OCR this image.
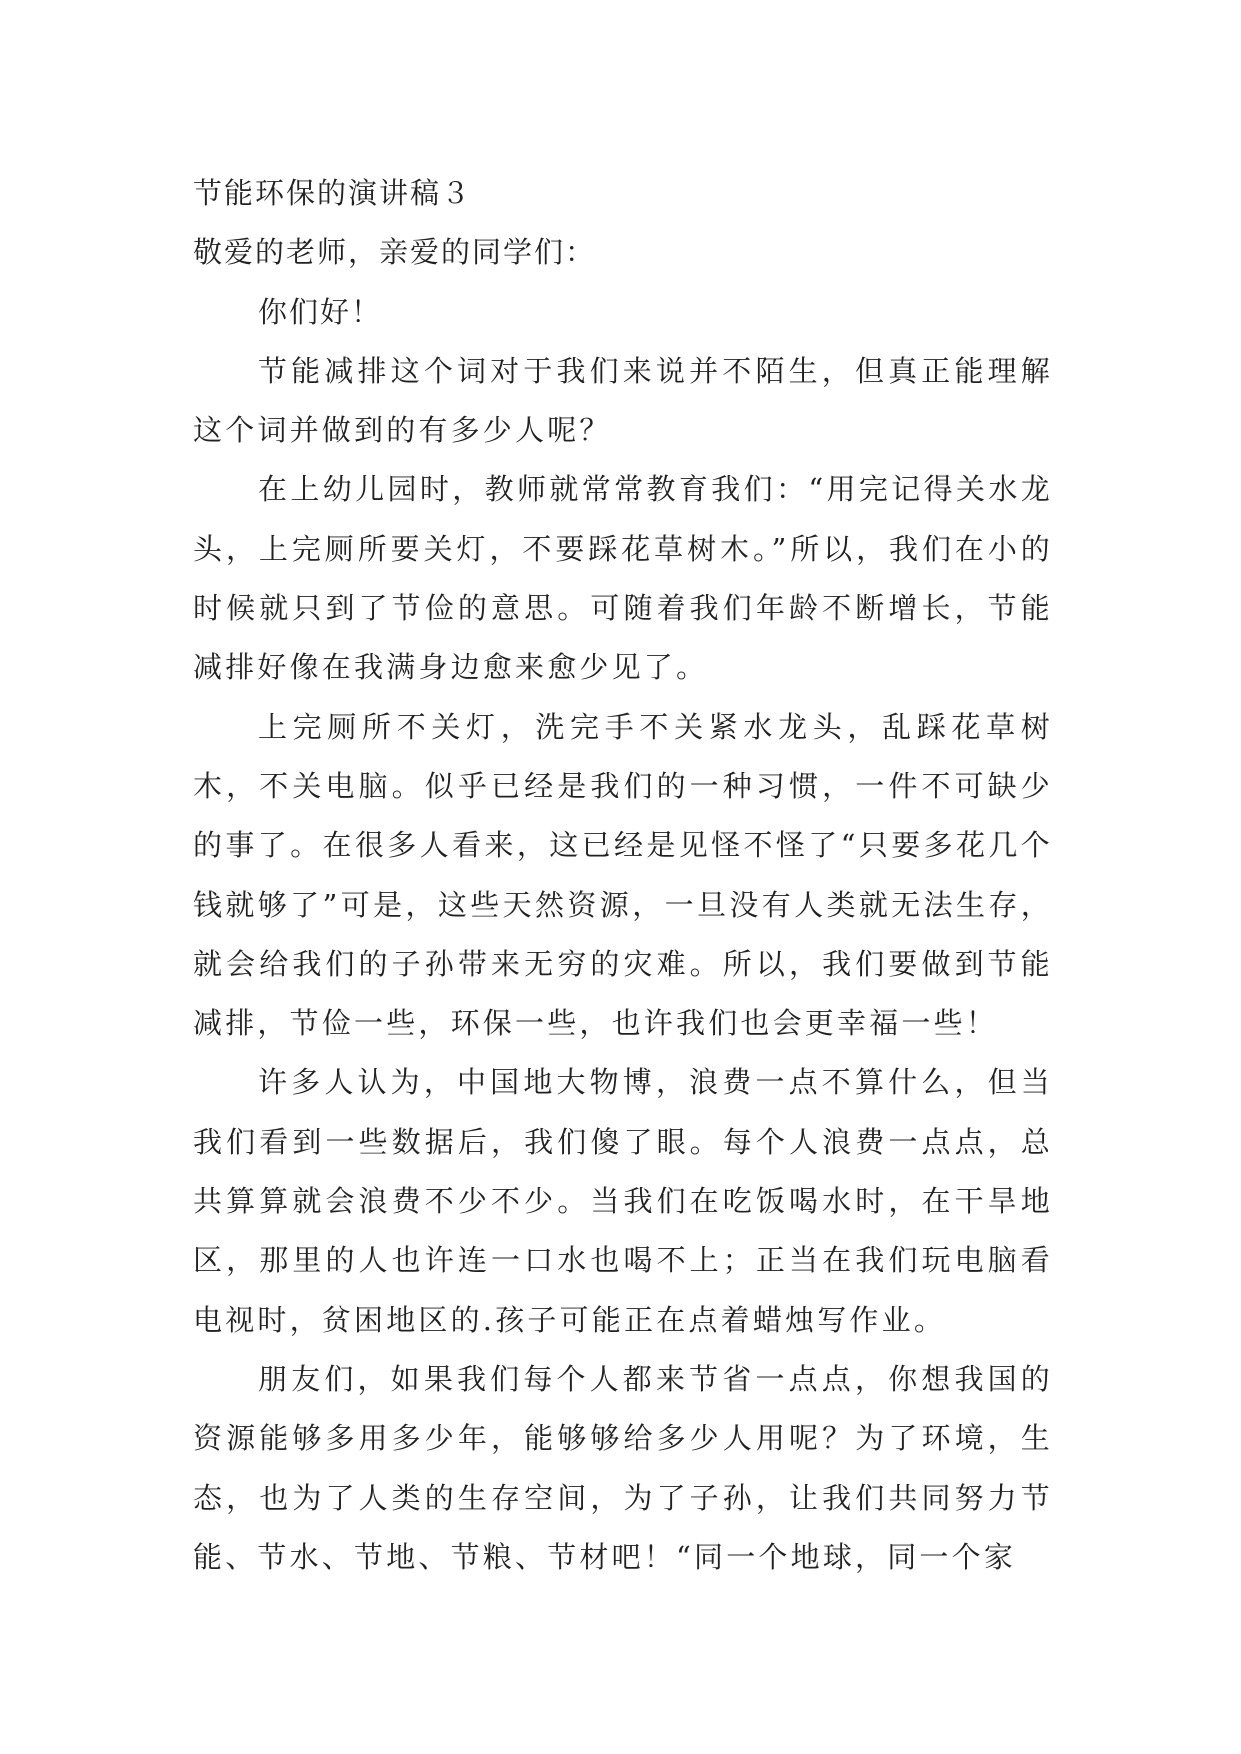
节能环保的演讲稿３

敬爱的老师，亲爱的同学们：

你们好！

节能减排这个词对于我们来说并不陌生，但真正能理解这个词并做到的有多少人呢？

在上幼儿园时，教师就常常教育我们：“用完记得关水龙头，上完厕所要关灯，不要踩花草树木。”所以，我们在小的时候就只到了节俭的意思。可随着我们年龄不断增长，节能减排好像在我满身边愈来愈少见了。

上完厕所不关灯，洗完手不关紧水龙头，乱踩花草树木，不关电脑。似乎已经是我们的一种习惯，一件不可缺少的事了。在很多人看来，这已经是见怪不怪了“只要多花几个钱就够了”可是，这些天然资源，一旦没有人类就无法生存，就会给我们的子孙带来无穷的灾难。所以，我们要做到节能减排，节俭一些，环保一些，也许我们也会更幸福一些！

许多人认为，中国地大物博，浪费一点不算什么，但当我们看到一些数据后，我们傻了眼。每个人浪费一点点，总共算算就会浪费不少不少。当我们在吃饭喝水时，在干旱地区，那里的人也许连一口水也喝不上；正当在我们玩电脑看电视时，贫困地区的.孩子可能正在点着蜡烛写作业。

朋友们，如果我们每个人都来节省一点点，你想我国的资源能够多用多少年，能够够给多少人用呢？为了环境，生态，也为了人类的生存空间，为了子孙，让我们共同努力节能、节水、节地、节粮、节材吧！“同一个地球，同一个家
